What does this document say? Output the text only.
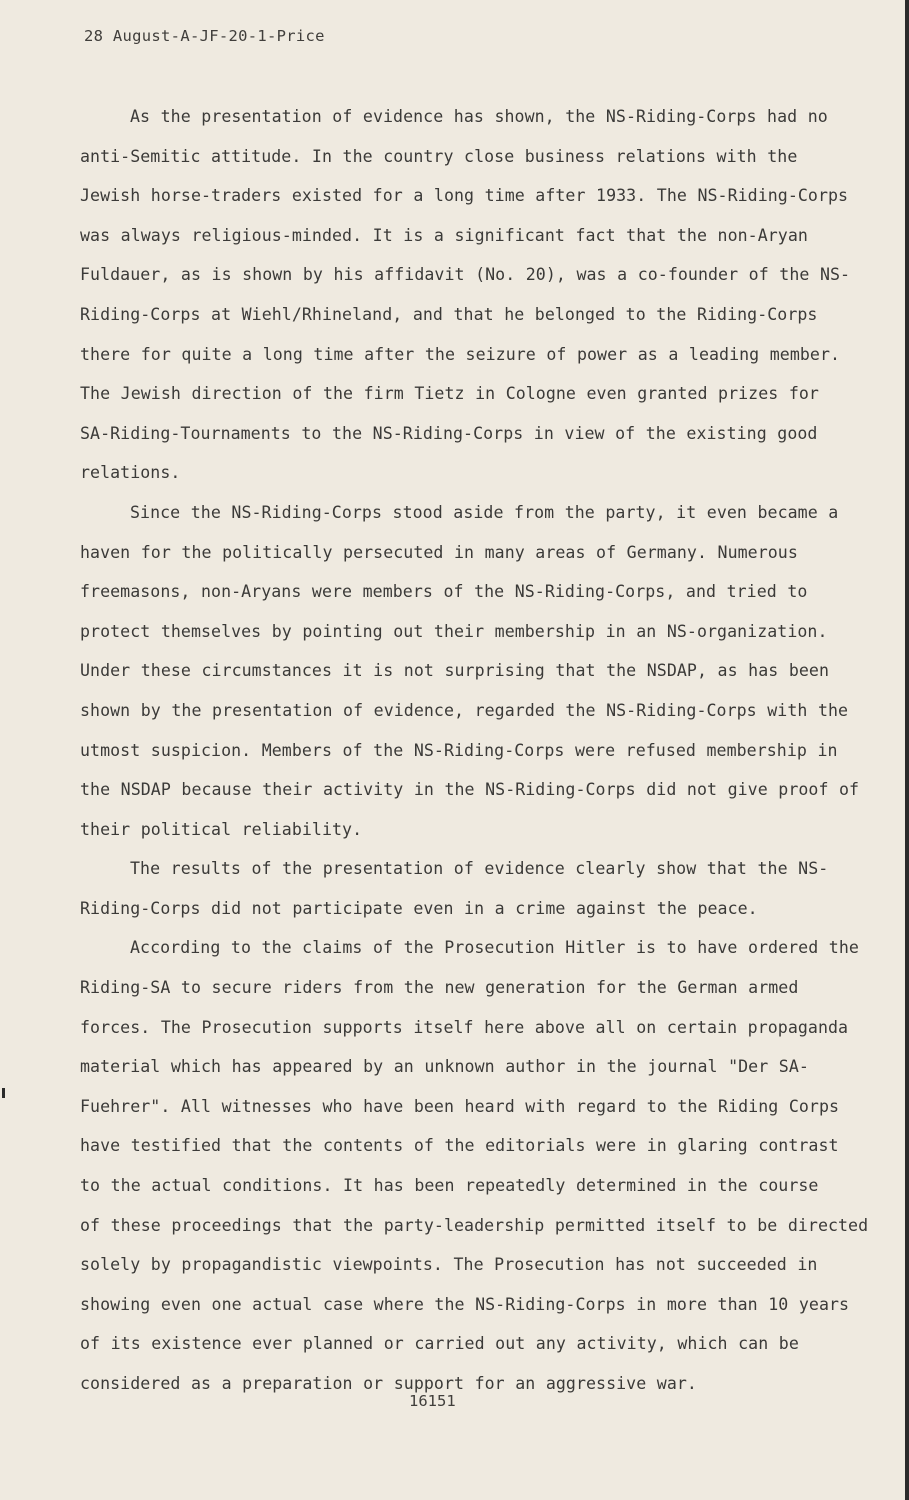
28 August-A-JF-20-1-Price
As the presentation of evidence has shown, the NS-Riding-Corps had no
anti-Semitic attitude. In the country close business relations with the
Jewish horse-traders existed for a long time after 1933. The NS-Riding-Corps
was always religious-minded. It is a significant fact that the non-Aryan
Fuldauer, as is shown by his affidavit (No. 20), was a co-founder of the NS-
Riding-Corps at Wiehl/Rhineland, and that he belonged to the Riding-Corps
there for quite a long time after the seizure of power as a leading member.
The Jewish direction of the firm Tietz in Cologne even granted prizes for
SA-Riding-Tournaments to the NS-Riding-Corps in view of the existing good
relations.
Since the NS-Riding-Corps stood aside from the party, it even became a
haven for the politically persecuted in many areas of Germany. Numerous
freemasons, non-Aryans were members of the NS-Riding-Corps, and tried to
protect themselves by pointing out their membership in an NS-organization.
Under these circumstances it is not surprising that the NSDAP, as has been
shown by the presentation of evidence, regarded the NS-Riding-Corps with the
utmost suspicion. Members of the NS-Riding-Corps were refused membership in
the NSDAP because their activity in the NS-Riding-Corps did not give proof of
their political reliability.
The results of the presentation of evidence clearly show that the NS-
Riding-Corps did not participate even in a crime against the peace.
According to the claims of the Prosecution Hitler is to have ordered the
Riding-SA to secure riders from the new generation for the German armed
forces. The Prosecution supports itself here above all on certain propaganda
material which has appeared by an unknown author in the journal "Der SA-
Fuehrer". All witnesses who have been heard with regard to the Riding Corps
have testified that the contents of the editorials were in glaring contrast
to the actual conditions. It has been repeatedly determined in the course
of these proceedings that the party-leadership permitted itself to be directed
solely by propagandistic viewpoints. The Prosecution has not succeeded in
showing even one actual case where the NS-Riding-Corps in more than 10 years
of its existence ever planned or carried out any activity, which can be
considered as a preparation or support for an aggressive war.
16151
